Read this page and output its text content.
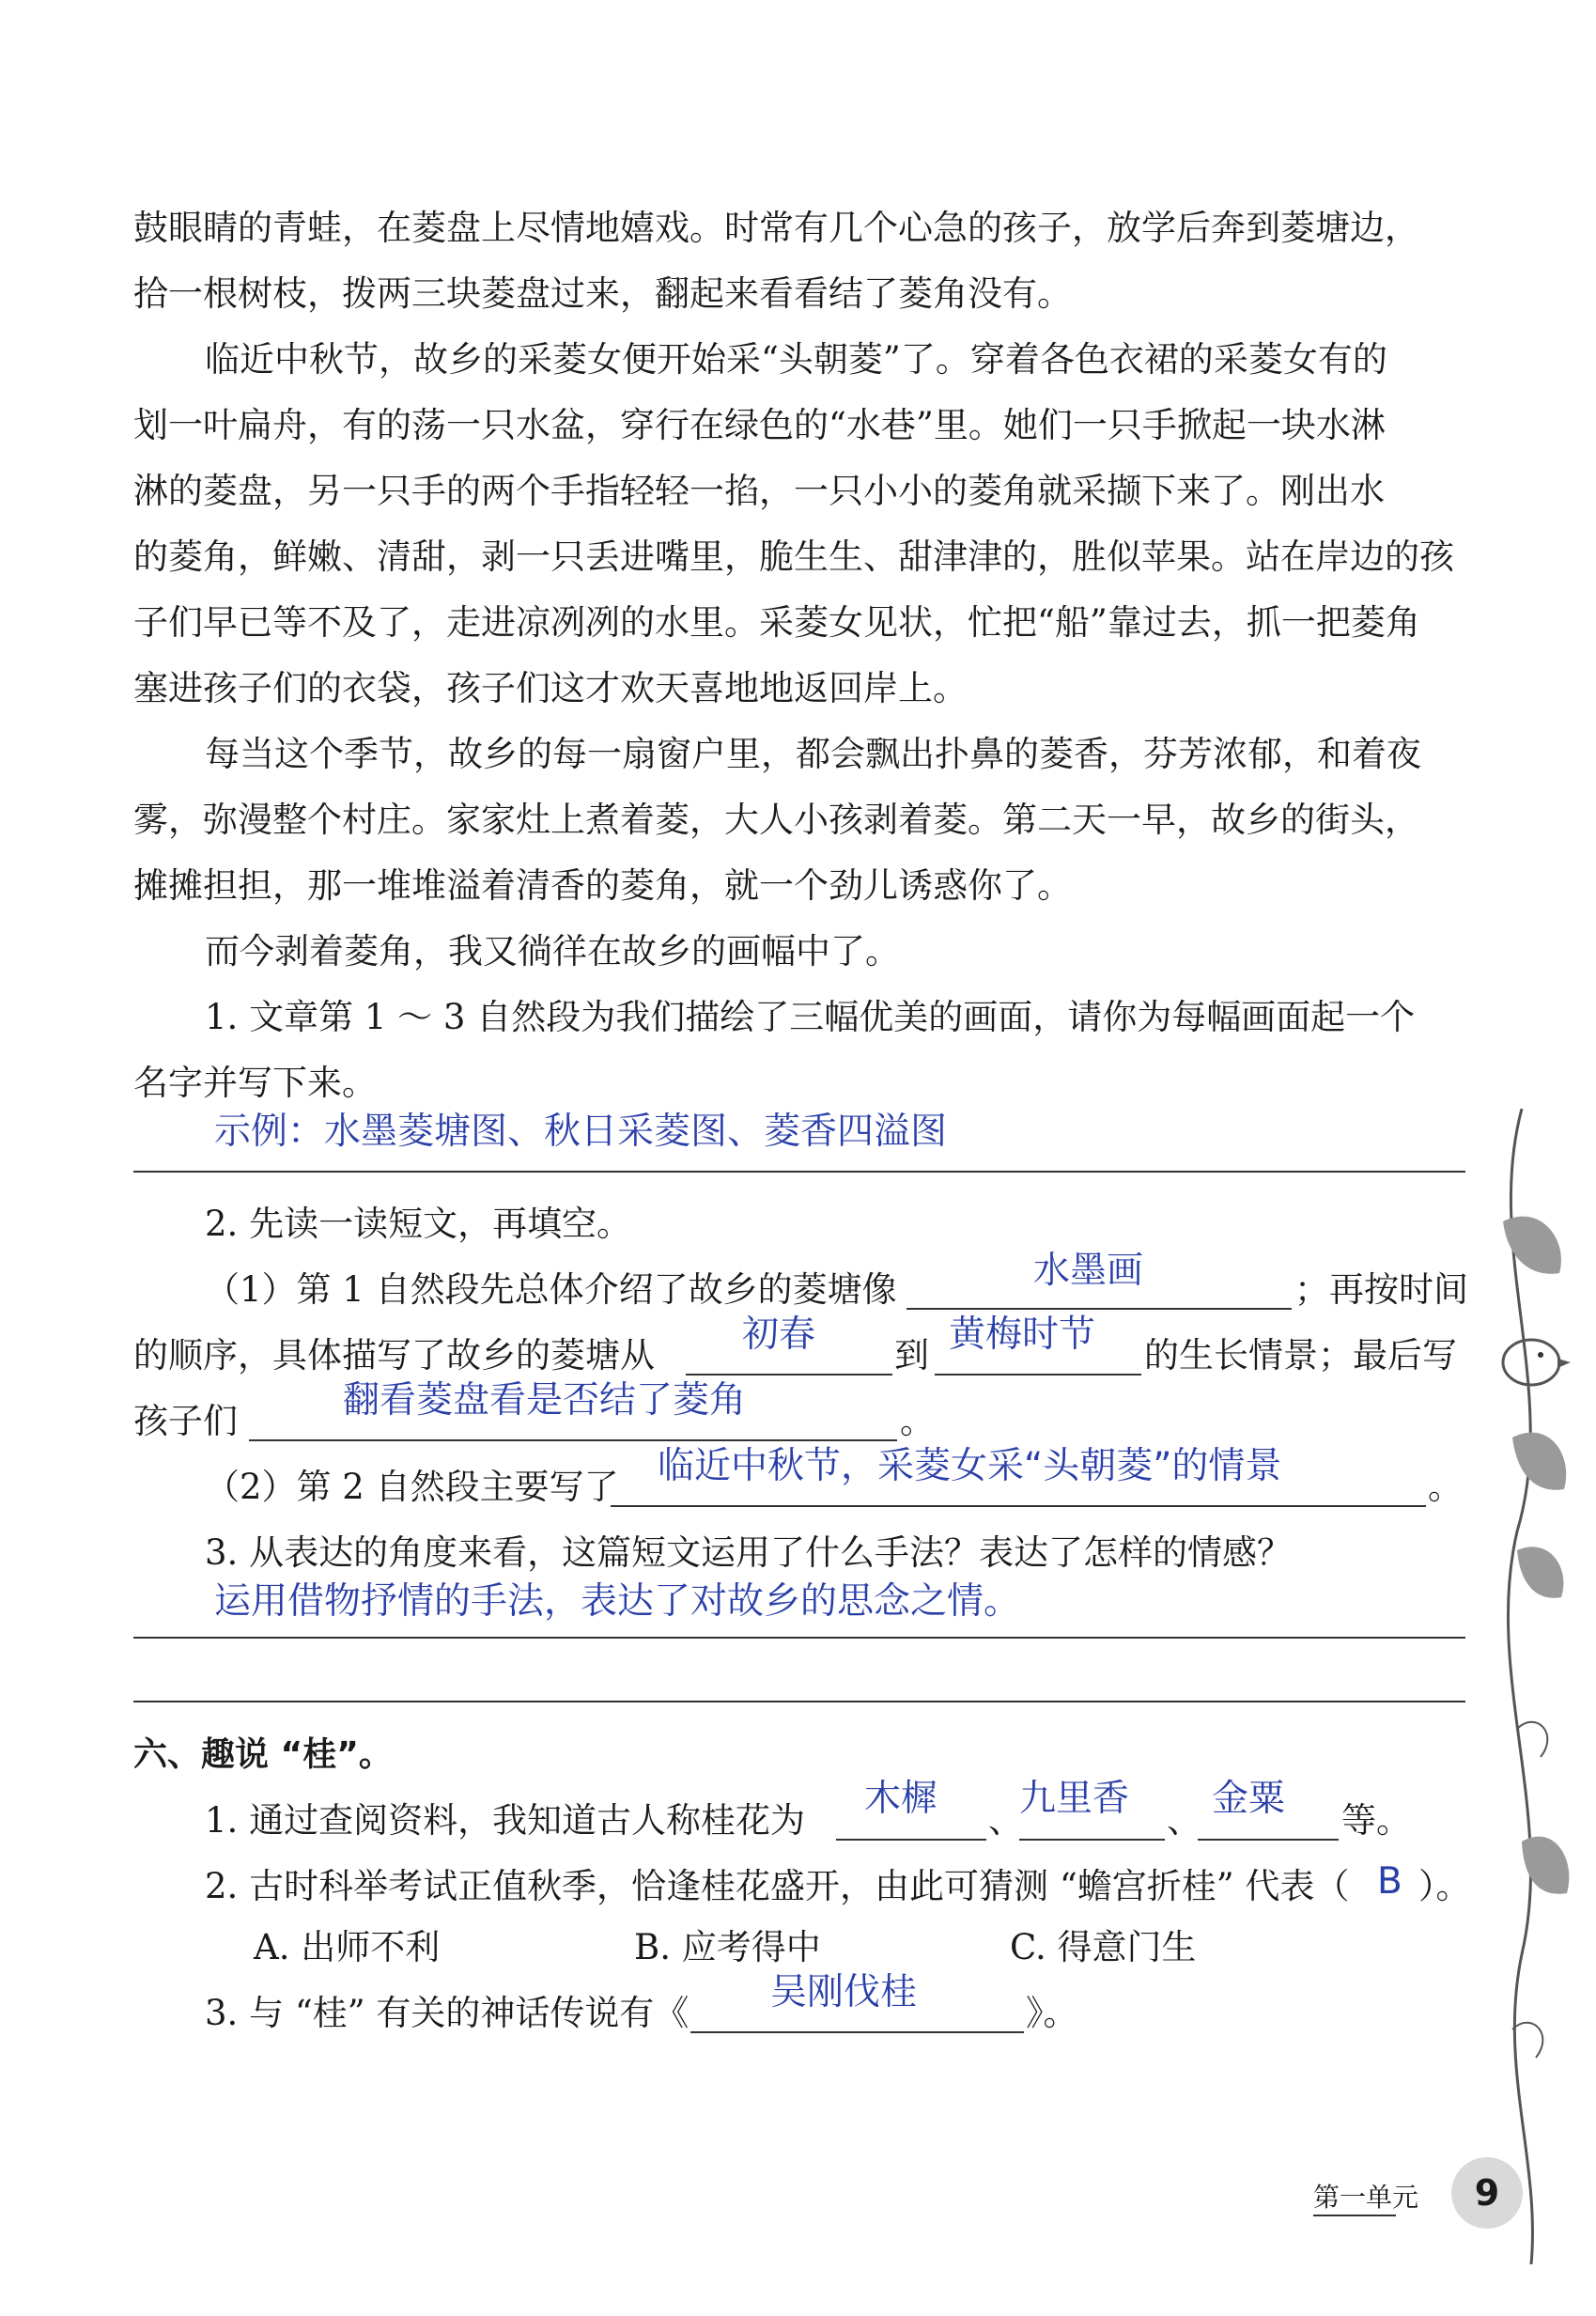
鼓眼睛的青蛙，在菱盘上尽情地嬉戏。时常有几个心急的孩子，放学后奔到菱塘边，
拾一根树枝，拨两三块菱盘过来，翻起来看看结了菱角没有。
临近中秋节，故乡的采菱女便开始采“头朝菱”了。穿着各色衣裙的采菱女有的
划一叶扁舟，有的荡一只水盆，穿行在绿色的“水巷”里。她们一只手掀起一块水淋
淋的菱盘，另一只手的两个手指轻轻一掐，一只小小的菱角就采撷下来了。刚出水
的菱角，鲜嫩、清甜，剥一只丢进嘴里，脆生生、甜津津的，胜似苹果。站在岸边的孩
子们早已等不及了，走进凉冽冽的水里。采菱女见状，忙把“船”靠过去，抓一把菱角
塞进孩子们的衣袋，孩子们这才欢天喜地地返回岸上。
每当这个季节，故乡的每一扇窗户里，都会飘出扑鼻的菱香，芬芳浓郁，和着夜
雾，弥漫整个村庄。家家灶上煮着菱，大人小孩剥着菱。第二天一早，故乡的街头，
摊摊担担，那一堆堆溢着清香的菱角，就一个劲儿诱惑你了。
而今剥着菱角，我又徜徉在故乡的画幅中了。
1. 文章第 1 ～ 3 自然段为我们描绘了三幅优美的画面，请你为每幅画面起一个
名字并写下来。
示例：水墨菱塘图、秋日采菱图、菱香四溢图
2. 先读一读短文，再填空。
（1）第 1 自然段先总体介绍了故乡的菱塘像	水墨画	；再按时间
的顺序，具体描写了故乡的菱塘从 初春 到 黄梅时节 的生长情景；最后写
孩子们	翻看菱盘看是否结了菱角	。
（2）第 2 自然段主要写了 临近中秋节，采菱女采“头朝菱”的情景	。
3. 从表达的角度来看，这篇短文运用了什么手法？表达了怎样的情感？
运用借物抒情的手法，表达了对故乡的思念之情。
六、趣说 “桂”。
1. 通过查阅资料，我知道古人称桂花为
木樨
、
九里香
、
金粟
等。
2. 古时科举考试正值秋季，恰逢桂花盛开，由此可猜测 “蟾宫折桂” 代表（ B ）。
A. 出师不利	B. 应考得中	C. 得意门生
3. 与 “桂” 有关的神话传说有《 吴刚伐桂	》。
第一单元	9
